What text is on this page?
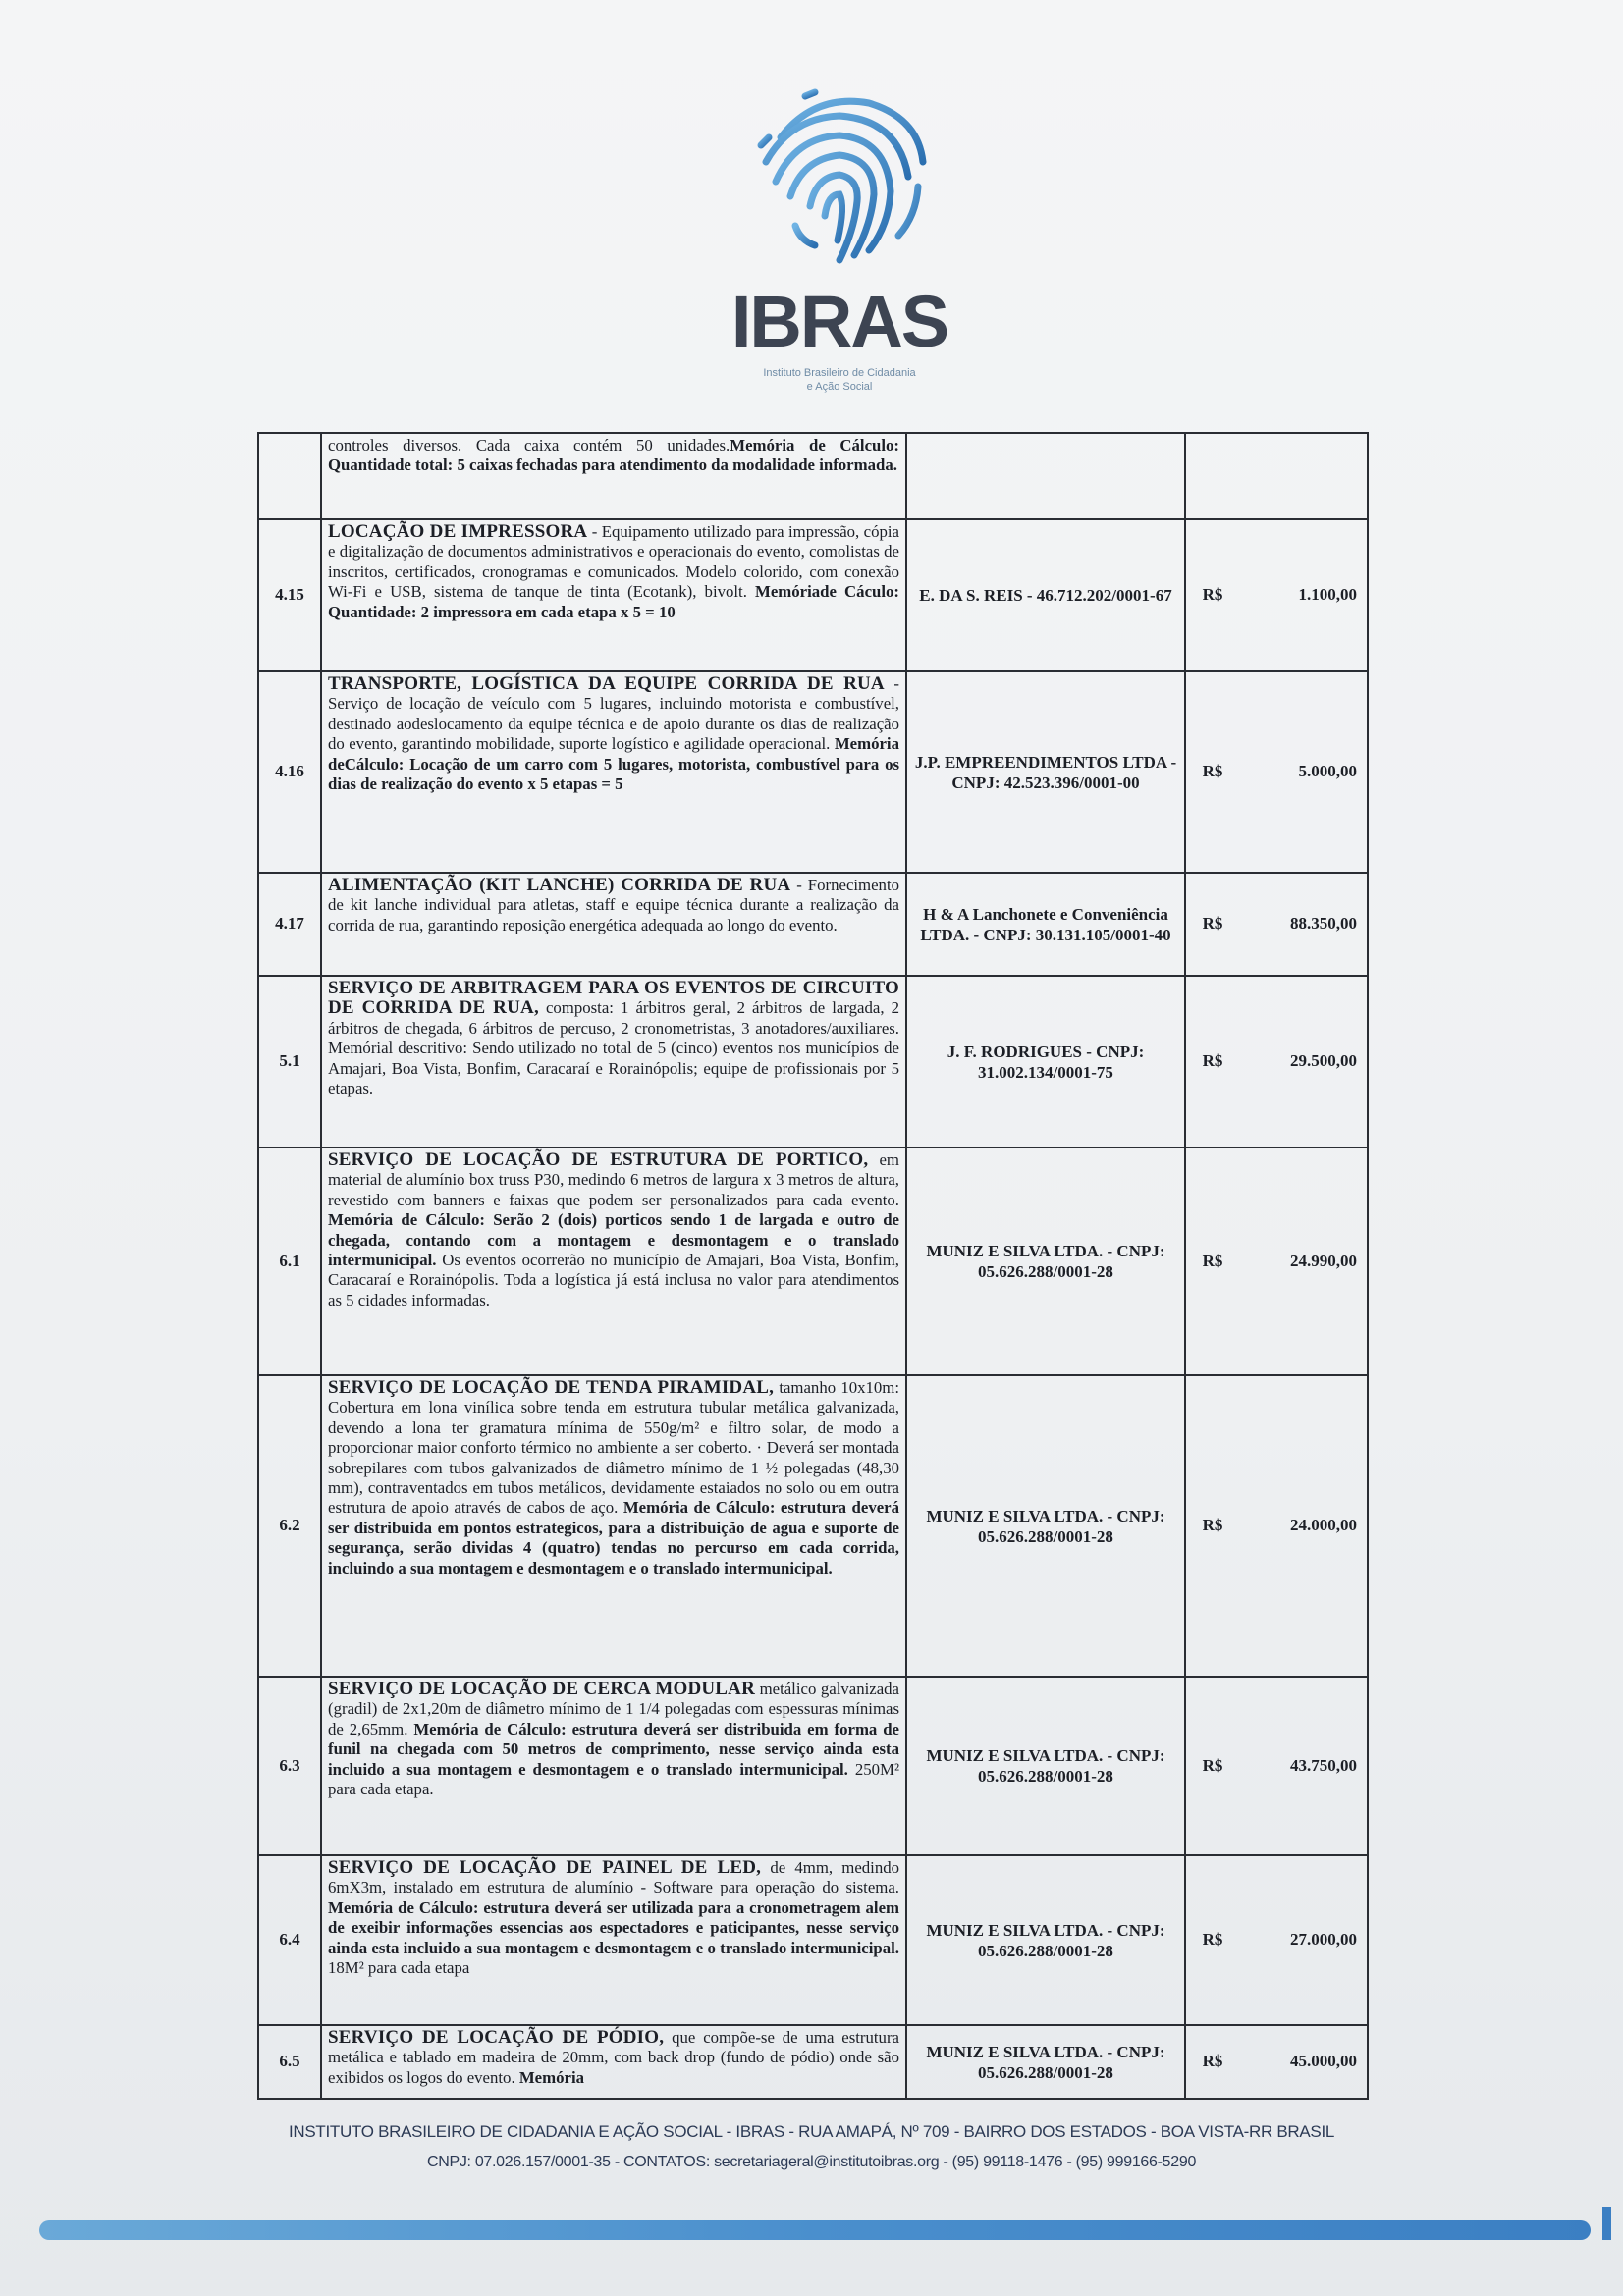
IBRAS
Instituto Brasileiro de Cidadania
e Ação Social
	controles diversos. Cada caixa contém 50 unidades.Memória de Cálculo: Quantidade total: 5 caixas fechadas para atendimento da modalidade informada.			
4.15	LOCAÇÃO DE IMPRESSORA - Equipamento utilizado para impressão, cópia e digitalização de documentos administrativos e operacionais do evento, comolistas de inscritos, certificados, cronogramas e comunicados. Modelo colorido, com conexão Wi-Fi e USB, sistema de tanque de tinta (Ecotank), bivolt. Memóriade Cáculo: Quantidade: 2 impressora em cada etapa x 5 = 10	E. DA S. REIS - 46.712.202/0001-67	R$	1.100,00
4.16	TRANSPORTE, LOGÍSTICA DA EQUIPE CORRIDA DE RUA - Serviço de locação de veículo com 5 lugares, incluindo motorista e combustível, destinado aodeslocamento da equipe técnica e de apoio durante os dias de realização do evento, garantindo mobilidade, suporte logístico e agilidade operacional. Memória deCálculo: Locação de um carro com 5 lugares, motorista, combustível para os dias de realização do evento x 5 etapas = 5	J.P. EMPREENDIMENTOS LTDA - CNPJ: 42.523.396/0001-00	R$	5.000,00
4.17	ALIMENTAÇÃO (KIT LANCHE) CORRIDA DE RUA - Fornecimento de kit lanche individual para atletas, staff e equipe técnica durante a realização da corrida de rua, garantindo reposição energética adequada ao longo do evento.	H & A Lanchonete e Conveniência LTDA. - CNPJ: 30.131.105/0001-40	R$	88.350,00
5.1	SERVIÇO DE ARBITRAGEM PARA OS EVENTOS DE CIRCUITO DE CORRIDA DE RUA, composta: 1 árbitros geral, 2 árbitros de largada, 2 árbitros de chegada, 6 árbitros de percuso, 2 cronometristas, 3 anotadores/auxiliares. Memórial descritivo: Sendo utilizado no total de 5 (cinco) eventos nos municípios de Amajari, Boa Vista, Bonfim, Caracaraí e Rorainópolis; equipe de profissionais por 5 etapas.	J. F. RODRIGUES - CNPJ: 31.002.134/0001-75	R$	29.500,00
6.1	SERVIÇO DE LOCAÇÃO DE ESTRUTURA DE PORTICO, em material de alumínio box truss P30, medindo 6 metros de largura x 3 metros de altura, revestido com banners e faixas que podem ser personalizados para cada evento. Memória de Cálculo: Serão 2 (dois) porticos sendo 1 de largada e outro de chegada, contando com a montagem e desmontagem e o translado intermunicipal. Os eventos ocorrerão no município de Amajari, Boa Vista, Bonfim, Caracaraí e Rorainópolis. Toda a logística já está inclusa no valor para atendimentos as 5 cidades informadas.	MUNIZ E SILVA LTDA. - CNPJ: 05.626.288/0001-28	R$	24.990,00
6.2	SERVIÇO DE LOCAÇÃO DE TENDA PIRAMIDAL, tamanho 10x10m: Cobertura em lona vinílica sobre tenda em estrutura tubular metálica galvanizada, devendo a lona ter gramatura mínima de 550g/m² e filtro solar, de modo a proporcionar maior conforto térmico no ambiente a ser coberto. · Deverá ser montada sobrepilares com tubos galvanizados de diâmetro mínimo de 1 ½ polegadas (48,30 mm), contraventados em tubos metálicos, devidamente estaiados no solo ou em outra estrutura de apoio através de cabos de aço. Memória de Cálculo: estrutura deverá ser distribuida em pontos estrategicos, para a distribuição de agua e suporte de segurança, serão dividas 4 (quatro) tendas no percurso em cada corrida, incluindo a sua montagem e desmontagem e o translado intermunicipal.	MUNIZ E SILVA LTDA. - CNPJ: 05.626.288/0001-28	R$	24.000,00
6.3	SERVIÇO DE LOCAÇÃO DE CERCA MODULAR metálico galvanizada (gradil) de 2x1,20m de diâmetro mínimo de 1 1/4 polegadas com espessuras mínimas de 2,65mm. Memória de Cálculo: estrutura deverá ser distribuida em forma de funil na chegada com 50 metros de comprimento, nesse serviço ainda esta incluido a sua montagem e desmontagem e o translado intermunicipal. 250M² para cada etapa.	MUNIZ E SILVA LTDA. - CNPJ: 05.626.288/0001-28	R$	43.750,00
6.4	SERVIÇO DE LOCAÇÃO DE PAINEL DE LED, de 4mm, medindo 6mX3m, instalado em estrutura de alumínio - Software para operação do sistema. Memória de Cálculo: estrutura deverá ser utilizada para a cronometragem alem de exeibir informações essencias aos espectadores e paticipantes, nesse serviço ainda esta incluido a sua montagem e desmontagem e o translado intermunicipal. 18M² para cada etapa	MUNIZ E SILVA LTDA. - CNPJ: 05.626.288/0001-28	R$	27.000,00
6.5	SERVIÇO DE LOCAÇÃO DE PÓDIO, que compõe-se de uma estrutura metálica e tablado em madeira de 20mm, com back drop (fundo de pódio) onde são exibidos os logos do evento. Memória	MUNIZ E SILVA LTDA. - CNPJ: 05.626.288/0001-28	R$	45.000,00
INSTITUTO BRASILEIRO DE CIDADANIA E AÇÃO SOCIAL - IBRAS - RUA AMAPÁ, Nº 709 - BAIRRO DOS ESTADOS - BOA VISTA-RR BRASIL
CNPJ: 07.026.157/0001-35 - CONTATOS: secretariageral@institutoibras.org - (95) 99118-1476 - (95) 999166-5290
